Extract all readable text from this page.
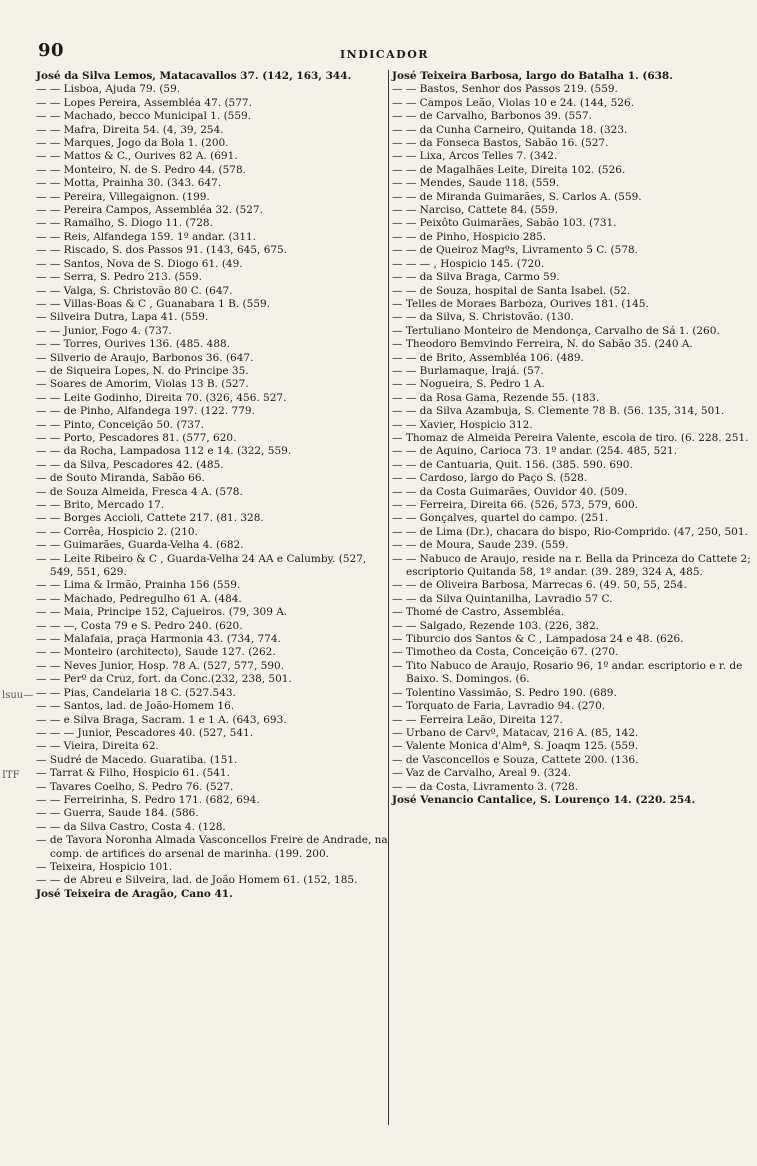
90	INDICADOR
lsuu—
ITF
José da Silva Lemos, Matacavallos 37. (142, 163, 344.
— — Lisboa, Ajuda 79. (59.
— — Lopes Pereira, Assembléa 47. (577.
— — Machado, becco Municipal 1. (559.
— — Mafra, Direita 54. (4, 39, 254.
— — Marques, Jogo da Bola 1. (200.
— — Mattos & C., Ourives 82 A. (691.
— — Monteiro, N. de S. Pedro 44. (578.
— — Motta, Prainha 30. (343. 647.
— — Pereira, Villegaignon. (199.
— — Pereira Campos, Assembléa 32. (527.
— — Ramalho, S. Diogo 11. (728.
— — Reis, Alfandega 159. 1º andar. (311.
— — Riscado, S. dos Passos 91. (143, 645, 675.
— — Santos, Nova de S. Diogo 61. (49.
— — Serra, S. Pedro 213. (559.
— — Valga, S. Christovão 80 C. (647.
— — Villas-Boas & C , Guanabara 1 B. (559.
— Silveira Dutra, Lapa 41. (559.
— — Junior, Fogo 4. (737.
— — Torres, Ourives 136. (485. 488.
— Silverio de Araujo, Barbonos 36. (647.
— de Siqueira Lopes, N. do Principe 35.
— Soares de Amorim, Violas 13 B. (527.
— — Leite Godinho, Direita 70. (326, 456. 527.
— — de Pinho, Alfandega 197. (122. 779.
— — Pinto, Conceição 50. (737.
— — Porto, Pescadores 81. (577, 620.
— — da Rocha, Lampadosa 112 e 14. (322, 559.
— — da Silva, Pescadores 42. (485.
— de Souto Miranda, Sabão 66.
— de Souza Almeida, Fresca 4 A. (578.
— — Brito, Mercado 17.
— — Borges Accioli, Cattete 217. (81. 328.
— — Corrêa, Hospicio 2. (210.
— — Guimarães, Guarda-Velha 4. (682.
— — Leite Ribeiro & C , Guarda-Velha 24 AA e Calumby. (527, 549, 551, 629.
— — Lima & Irmão, Prainha 156 (559.
— — Machado, Pedregulho 61 A. (484.
— — Maia, Principe 152, Cajueiros. (79, 309 A.
— — —, Costa 79 e S. Pedro 240. (620.
— — Malafaia, praça Harmonia 43. (734, 774.
— — Monteiro (architecto), Saude 127. (262.
— — Neves Junior, Hosp. 78 A. (527, 577, 590.
— — Perº da Cruz, fort. da Conc.(232, 238, 501.
— — Pias, Candelaria 18 C. (527.543.
— — Santos, lad. de João-Homem 16.
— — e Silva Braga, Sacram. 1 e 1 A. (643, 693.
— — — Junior, Pescadores 40. (527, 541.
— — Vieira, Direita 62.
— Sudré de Macedo. Guaratiba. (151.
— Tarrat & Filho, Hospicio 61. (541.
— Tavares Coelho, S. Pedro 76. (527.
— — Ferreirinha, S. Pedro 171. (682, 694.
— — Guerra, Saude 184. (586.
— — da Silva Castro, Costa 4. (128.
— de Tavora Noronha Almada Vasconcellos Freire de Andrade, na comp. de artifices do arsenal de marinha. (199. 200.
— Teixeira, Hospicio 101.
— — de Abreu e Silveira, lad. de João Homem 61. (152, 185.
José Teixeira de Aragão, Cano 41.
José Teixeira Barbosa, largo do Batalha 1. (638.
— — Bastos, Senhor dos Passos 219. (559.
— — Campos Leão, Violas 10 e 24. (144, 526.
— — de Carvalho, Barbonos 39. (557.
— — da Cunha Carneiro, Quitanda 18. (323.
— — da Fonseca Bastos, Sabão 16. (527.
— — Lixa, Arcos Telles 7. (342.
— — de Magalhães Leite, Direita 102. (526.
— — Mendes, Saude 118. (559.
— — de Miranda Guimarães, S. Carlos A. (559.
— — Narciso, Cattete 84. (559.
— — Peixôto Guimarães, Sabão 103. (731.
— — de Pinho, Hospicio 285.
— — de Queiroz Magºs, Livramento 5 C. (578.
— — — , Hospicio 145. (720.
— — da Silva Braga, Carmo 59.
— — de Souza, hospital de Santa Isabel. (52.
— Telles de Moraes Barboza, Ourives 181. (145.
— — da Silva, S. Christovão. (130.
— Tertuliano Monteiro de Mendonça, Carvalho de Sá 1. (260.
— Theodoro Bemvindo Ferreira, N. do Sabão 35. (240 A.
— — de Brito, Assembléa 106. (489.
— — Burlamaque, Irajá. (57.
— — Nogueira, S. Pedro 1 A.
— — da Rosa Gama, Rezende 55. (183.
— — da Silva Azambuja, S. Clemente 78 B. (56. 135, 314, 501.
— — Xavier, Hospicio 312.
— Thomaz de Almeida Pereira Valente, escola de tiro. (6. 228. 251.
— — de Aquino, Carioca 73. 1º andar. (254. 485, 521.
— — de Cantuaria, Quit. 156. (385. 590. 690.
— — Cardoso, largo do Paço S. (528.
— — da Costa Guimarães, Ouvidor 40. (509.
— — Ferreira, Direita 66. (526, 573, 579, 600.
— — Gonçalves, quartel do campo. (251.
— — de Lima (Dr.), chacara do bispo, Rio-Comprido. (47, 250, 501.
— — de Moura, Saude 239. (559.
— — Nabuco de Araujo, reside na r. Bella da Princeza do Cattete 2; escriptorio Quitanda 58, 1º andar. (39. 289, 324 A, 485.
— — de Oliveira Barbosa, Marrecas 6. (49. 50, 55, 254.
— — da Silva Quintanilha, Lavradio 57 C.
— Thomé de Castro, Assembléa.
— — Salgado, Rezende 103. (226, 382.
— Tiburcio dos Santos & C , Lampadosa 24 e 48. (626.
— Timotheo da Costa, Conceição 67. (270.
— Tito Nabuco de Araujo, Rosario 96, 1º andar. escriptorio e r. de Baixo. S. Domingos. (6.
— Tolentino Vassimão, S. Pedro 190. (689.
— Torquato de Faria, Lavradio 94. (270.
— — Ferreira Leão, Direita 127.
— Urbano de Carvº, Matacav, 216 A. (85, 142.
— Valente Monica d'Almª, S. Joaqm 125. (559.
— de Vasconcellos e Souza, Cattete 200. (136.
— Vaz de Carvalho, Areal 9. (324.
— — da Costa, Livramento 3. (728.
José Venancio Cantalice, S. Lourenço 14. (220. 254.
